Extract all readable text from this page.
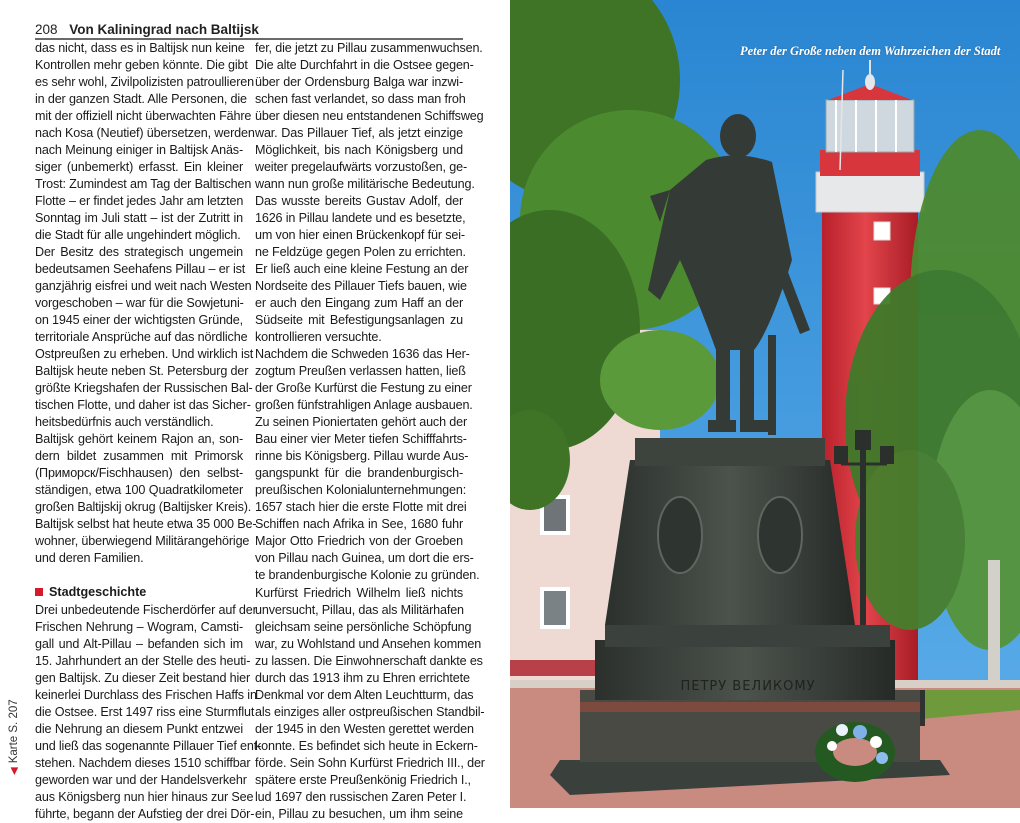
208 Von Kaliningrad nach Baltijsk
das nicht, dass es in Baltijsk nun keine
Kontrollen mehr geben könnte. Die gibt
es sehr wohl, Zivilpolizisten patroullieren
in der ganzen Stadt. Alle Personen, die
mit der offiziell nicht überwachten Fähre
nach Kosa (Neutief) übersetzen, werden
nach Meinung einiger in Baltijsk Anäs-
siger (unbemerkt) erfasst. Ein kleiner
Trost: Zumindest am Tag der Baltischen
Flotte – er findet jedes Jahr am letzten
Sonntag im Juli statt – ist der Zutritt in
die Stadt für alle ungehindert möglich.
Der Besitz des strategisch ungemein
bedeutsamen Seehafens Pillau – er ist
ganzjährig eisfrei und weit nach Westen
vorgeschoben – war für die Sowjetuni-
on 1945 einer der wichtigsten Gründe,
territoriale Ansprüche auf das nördliche
Ostpreußen zu erheben. Und wirklich ist
Baltijsk heute neben St. Petersburg der
größte Kriegshafen der Russischen Bal-
tischen Flotte, und daher ist das Sicher-
heitsbedürfnis auch verständlich.
Baltijsk gehört keinem Rajon an, son-
dern bildet zusammen mit Primorsk
(Приморск/Fischhausen) den selbst-
ständigen, etwa 100 Quadratkilometer
großen Baltijskij okrug (Baltijsker Kreis).
Baltijsk selbst hat heute etwa 35 000 Be-
wohner, überwiegend Militärangehörige
und deren Familien.
Stadtgeschichte
Drei unbedeutende Fischerdörfer auf der
Frischen Nehrung – Wogram, Camsti-
gall und Alt-Pillau – befanden sich im
15. Jahrhundert an der Stelle des heuti-
gen Baltijsk. Zu dieser Zeit bestand hier
keinerlei Durchlass des Frischen Haffs in
die Ostsee. Erst 1497 riss eine Sturmflut
die Nehrung an diesem Punkt entzwei
und ließ das sogenannte Pillauer Tief ent-
stehen. Nachdem dieses 1510 schiffbar
geworden war und der Handelsverkehr
aus Königsberg nun hier hinaus zur See
führte, begann der Aufstieg der drei Dör-
fer, die jetzt zu Pillau zusammenwuchsen.
Die alte Durchfahrt in die Ostsee gegen-
über der Ordensburg Balga war inzwi-
schen fast verlandet, so dass man froh
über diesen neu entstandenen Schiffsweg
war. Das Pillauer Tief, als jetzt einzige
Möglichkeit, bis nach Königsberg und
weiter pregelaufwärts vorzustoßen, ge-
wann nun große militärische Bedeutung.
Das wusste bereits Gustav Adolf, der
1626 in Pillau landete und es besetzte,
um von hier einen Brückenkopf für sei-
ne Feldzüge gegen Polen zu errichten.
Er ließ auch eine kleine Festung an der
Nordseite des Pillauer Tiefs bauen, wie
er auch den Eingang zum Haff an der
Südseite mit Befestigungsanlagen zu
kontrollieren versuchte.
Nachdem die Schweden 1636 das Her-
zogtum Preußen verlassen hatten, ließ
der Große Kurfürst die Festung zu einer
großen fünfstrahligen Anlage ausbauen.
Zu seinen Pioniertaten gehört auch der
Bau einer vier Meter tiefen Schifffahrts-
rinne bis Königsberg. Pillau wurde Aus-
gangspunkt für die brandenburgisch-
preußischen Kolonialunternehmungen:
1657 stach hier die erste Flotte mit drei
Schiffen nach Afrika in See, 1680 fuhr
Major Otto Friedrich von der Groeben
von Pillau nach Guinea, um dort die ers-
te brandenburgische Kolonie zu gründen.
Kurfürst Friedrich Wilhelm ließ nichts
unversucht, Pillau, das als Militärhafen
gleichsam seine persönliche Schöpfung
war, zu Wohlstand und Ansehen kommen
zu lassen. Die Einwohnerschaft dankte es
durch das 1913 ihm zu Ehren errichtete
Denkmal vor dem Alten Leuchtturm, das
als einziges aller ostpreußischen Standbil-
der 1945 in den Westen gerettet werden
konnte. Es befindet sich heute in Eckern-
förde. Sein Sohn Kurfürst Friedrich III., der
spätere erste Preußenkönig Friedrich I.,
lud 1697 den russischen Zaren Peter I.
ein, Pillau zu besuchen, um ihm seine
◀Karte S. 207
ПЕТРУ ВЕЛИКОМУ
Peter der Große neben dem Wahrzeichen der Stadt
